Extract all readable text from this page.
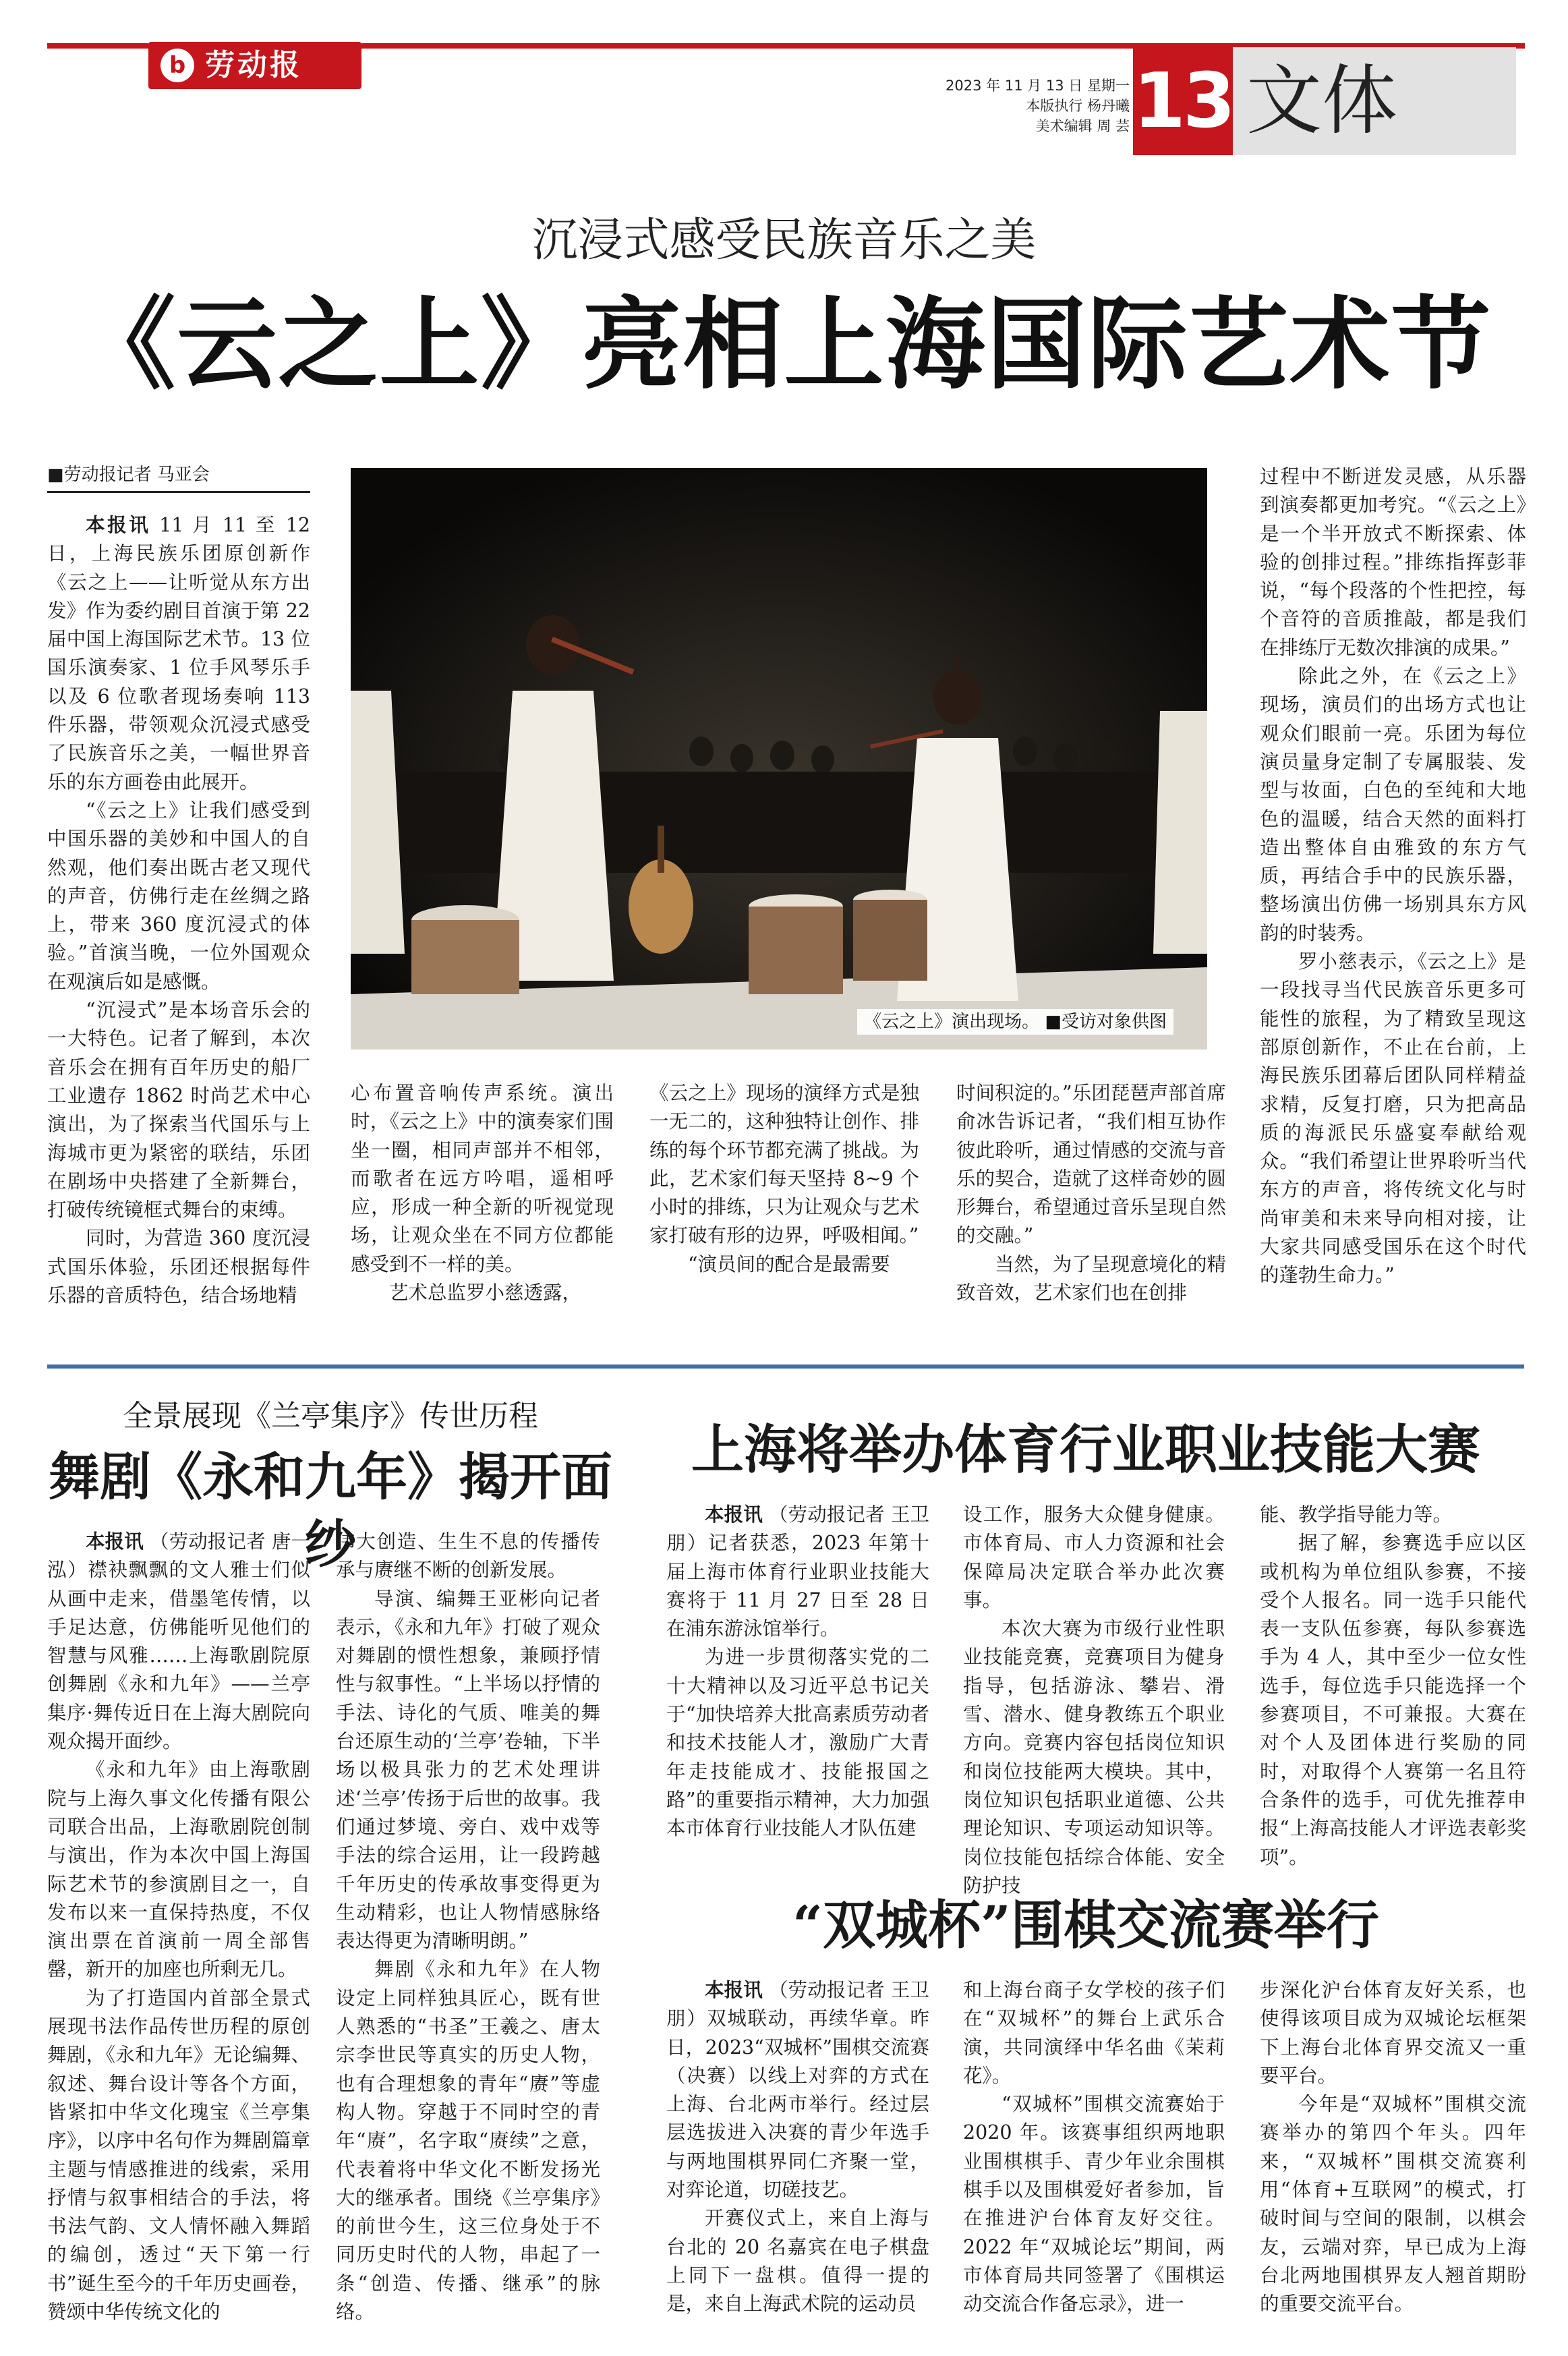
b 劳动报
2023 年 11 月 13 日 星期一
本版执行 杨丹曦
美术编辑 周 芸 13 文体
沉浸式感受民族音乐之美
《云之上》亮相上海国际艺术节
■劳动报记者 马亚会

本报讯 11 月 11 至 12 日，上海民族乐团原创新作《云之上——让听觉从东方出发》作为委约剧目首演于第 22 届中国上海国际艺术节。13 位国乐演奏家、1 位手风琴乐手以及 6 位歌者现场奏响 113 件乐器，带领观众沉浸式感受了民族音乐之美，一幅世界音乐的东方画卷由此展开。

“《云之上》让我们感受到中国乐器的美妙和中国人的自然观，他们奏出既古老又现代的声音，仿佛行走在丝绸之路上，带来 360 度沉浸式的体验。”首演当晚，一位外国观众在观演后如是感慨。

“沉浸式”是本场音乐会的一大特色。记者了解到，本次音乐会在拥有百年历史的船厂工业遗存 1862 时尚艺术中心演出，为了探索当代国乐与上海城市更为紧密的联结，乐团在剧场中央搭建了全新舞台，打破传统镜框式舞台的束缚。

同时，为营造 360 度沉浸式国乐体验，乐团还根据每件乐器的音质特色，结合场地精

《云之上》演出现场。 ■受访对象供图

心布置音响传声系统。演出时，《云之上》中的演奏家们围坐一圈，相同声部并不相邻，而歌者在远方吟唱，遥相呼应，形成一种全新的听视觉现场，让观众坐在不同方位都能感受到不一样的美。

艺术总监罗小慈透露，

《云之上》现场的演绎方式是独一无二的，这种独特让创作、排练的每个环节都充满了挑战。为此，艺术家们每天坚持 8~9 个小时的排练，只为让观众与艺术家打破有形的边界，呼吸相闻。”

“演员间的配合是最需要

时间积淀的。”乐团琵琶声部首席俞冰告诉记者，“我们相互协作彼此聆听，通过情感的交流与音乐的契合，造就了这样奇妙的圆形舞台，希望通过音乐呈现自然的交融。”

当然，为了呈现意境化的精致音效，艺术家们也在创排

过程中不断迸发灵感，从乐器到演奏都更加考究。“《云之上》是一个半开放式不断探索、体验的创排过程。”排练指挥彭菲说，“每个段落的个性把控，每个音符的音质推敲，都是我们在排练厅无数次排演的成果。”

除此之外，在《云之上》现场，演员们的出场方式也让观众们眼前一亮。乐团为每位演员量身定制了专属服装、发型与妆面，白色的至纯和大地色的温暖，结合天然的面料打造出整体自由雅致的东方气质，再结合手中的民族乐器，整场演出仿佛一场别具东方风韵的时装秀。

罗小慈表示，《云之上》是一段找寻当代民族音乐更多可能性的旅程，为了精致呈现这部原创新作，不止在台前，上海民族乐团幕后团队同样精益求精，反复打磨，只为把高品质的海派民乐盛宴奉献给观众。“我们希望让世界聆听当代东方的声音，将传统文化与时尚审美和未来导向相对接，让大家共同感受国乐在这个时代的蓬勃生命力。”

全景展现《兰亭集序》传世历程
舞剧《永和九年》揭开面纱

本报讯 （劳动报记者 唐一泓）襟袂飘飘的文人雅士们似从画中走来，借墨笔传情，以手足达意，仿佛能听见他们的智慧与风雅……上海歌剧院原创舞剧《永和九年》——兰亭集序·舞传近日在上海大剧院向观众揭开面纱。

《永和九年》由上海歌剧院与上海久事文化传播有限公司联合出品，上海歌剧院创制与演出，作为本次中国上海国际艺术节的参演剧目之一，自发布以来一直保持热度，不仅演出票在首演前一周全部售罄，新开的加座也所剩无几。

为了打造国内首部全景式展现书法作品传世历程的原创舞剧，《永和九年》无论编舞、叙述、舞台设计等各个方面，皆紧扣中华文化瑰宝《兰亭集序》，以序中名句作为舞剧篇章主题与情感推进的线索，采用抒情与叙事相结合的手法，将书法气韵、文人情怀融入舞蹈的编创，透过“天下第一行书”诞生至今的千年历史画卷，赞颂中华传统文化的

伟大创造、生生不息的传播传承与赓继不断的创新发展。

导演、编舞王亚彬向记者表示，《永和九年》打破了观众对舞剧的惯性想象，兼顾抒情性与叙事性。“上半场以抒情的手法、诗化的气质、唯美的舞台还原生动的‘兰亭’卷轴，下半场以极具张力的艺术处理讲述‘兰亭’传扬于后世的故事。我们通过梦境、旁白、戏中戏等手法的综合运用，让一段跨越千年历史的传承故事变得更为生动精彩，也让人物情感脉络表达得更为清晰明朗。”

舞剧《永和九年》在人物设定上同样独具匠心，既有世人熟悉的“书圣”王羲之、唐太宗李世民等真实的历史人物，也有合理想象的青年“赓”等虚构人物。穿越于不同时空的青年“赓”，名字取“赓续”之意，代表着将中华文化不断发扬光大的继承者。围绕《兰亭集序》的前世今生，这三位身处于不同历史时代的人物，串起了一条“创造、传播、继承”的脉络。

上海将举办体育行业职业技能大赛

本报讯 （劳动报记者 王卫朋）记者获悉，2023 年第十届上海市体育行业职业技能大赛将于 11 月 27 日至 28 日在浦东游泳馆举行。

为进一步贯彻落实党的二十大精神以及习近平总书记关于“加快培养大批高素质劳动者和技术技能人才，激励广大青年走技能成才、技能报国之路”的重要指示精神，大力加强本市体育行业技能人才队伍建

设工作，服务大众健身健康。市体育局、市人力资源和社会保障局决定联合举办此次赛事。

本次大赛为市级行业性职业技能竞赛，竞赛项目为健身指导，包括游泳、攀岩、滑雪、潜水、健身教练五个职业方向。竞赛内容包括岗位知识和岗位技能两大模块。其中，岗位知识包括职业道德、公共理论知识、专项运动知识等。岗位技能包括综合体能、安全防护技

能、教学指导能力等。

据了解，参赛选手应以区或机构为单位组队参赛，不接受个人报名。同一选手只能代表一支队伍参赛，每队参赛选手为 4 人，其中至少一位女性选手，每位选手只能选择一个参赛项目，不可兼报。大赛在对个人及团体进行奖励的同时，对取得个人赛第一名且符合条件的选手，可优先推荐申报“上海高技能人才评选表彰奖项”。

“双城杯”围棋交流赛举行

本报讯 （劳动报记者 王卫朋）双城联动，再续华章。昨日，2023“双城杯”围棋交流赛（决赛）以线上对弈的方式在上海、台北两市举行。经过层层选拔进入决赛的青少年选手与两地围棋界同仁齐聚一堂，对弈论道，切磋技艺。

开赛仪式上，来自上海与台北的 20 名嘉宾在电子棋盘上同下一盘棋。值得一提的是，来自上海武术院的运动员

和上海台商子女学校的孩子们在“双城杯”的舞台上武乐合演，共同演绎中华名曲《茉莉花》。

“双城杯”围棋交流赛始于 2020 年。该赛事组织两地职业围棋棋手、青少年业余围棋棋手以及围棋爱好者参加，旨在推进沪台体育友好交往。2022 年“双城论坛”期间，两市体育局共同签署了《围棋运动交流合作备忘录》，进一

步深化沪台体育友好关系，也使得该项目成为双城论坛框架下上海台北体育界交流又一重要平台。

今年是“双城杯”围棋交流赛举办的第四个年头。四年来，“双城杯”围棋交流赛利用“体育+互联网”的模式，打破时间与空间的限制，以棋会友，云端对弈，早已成为上海台北两地围棋界友人翘首期盼的重要交流平台。
